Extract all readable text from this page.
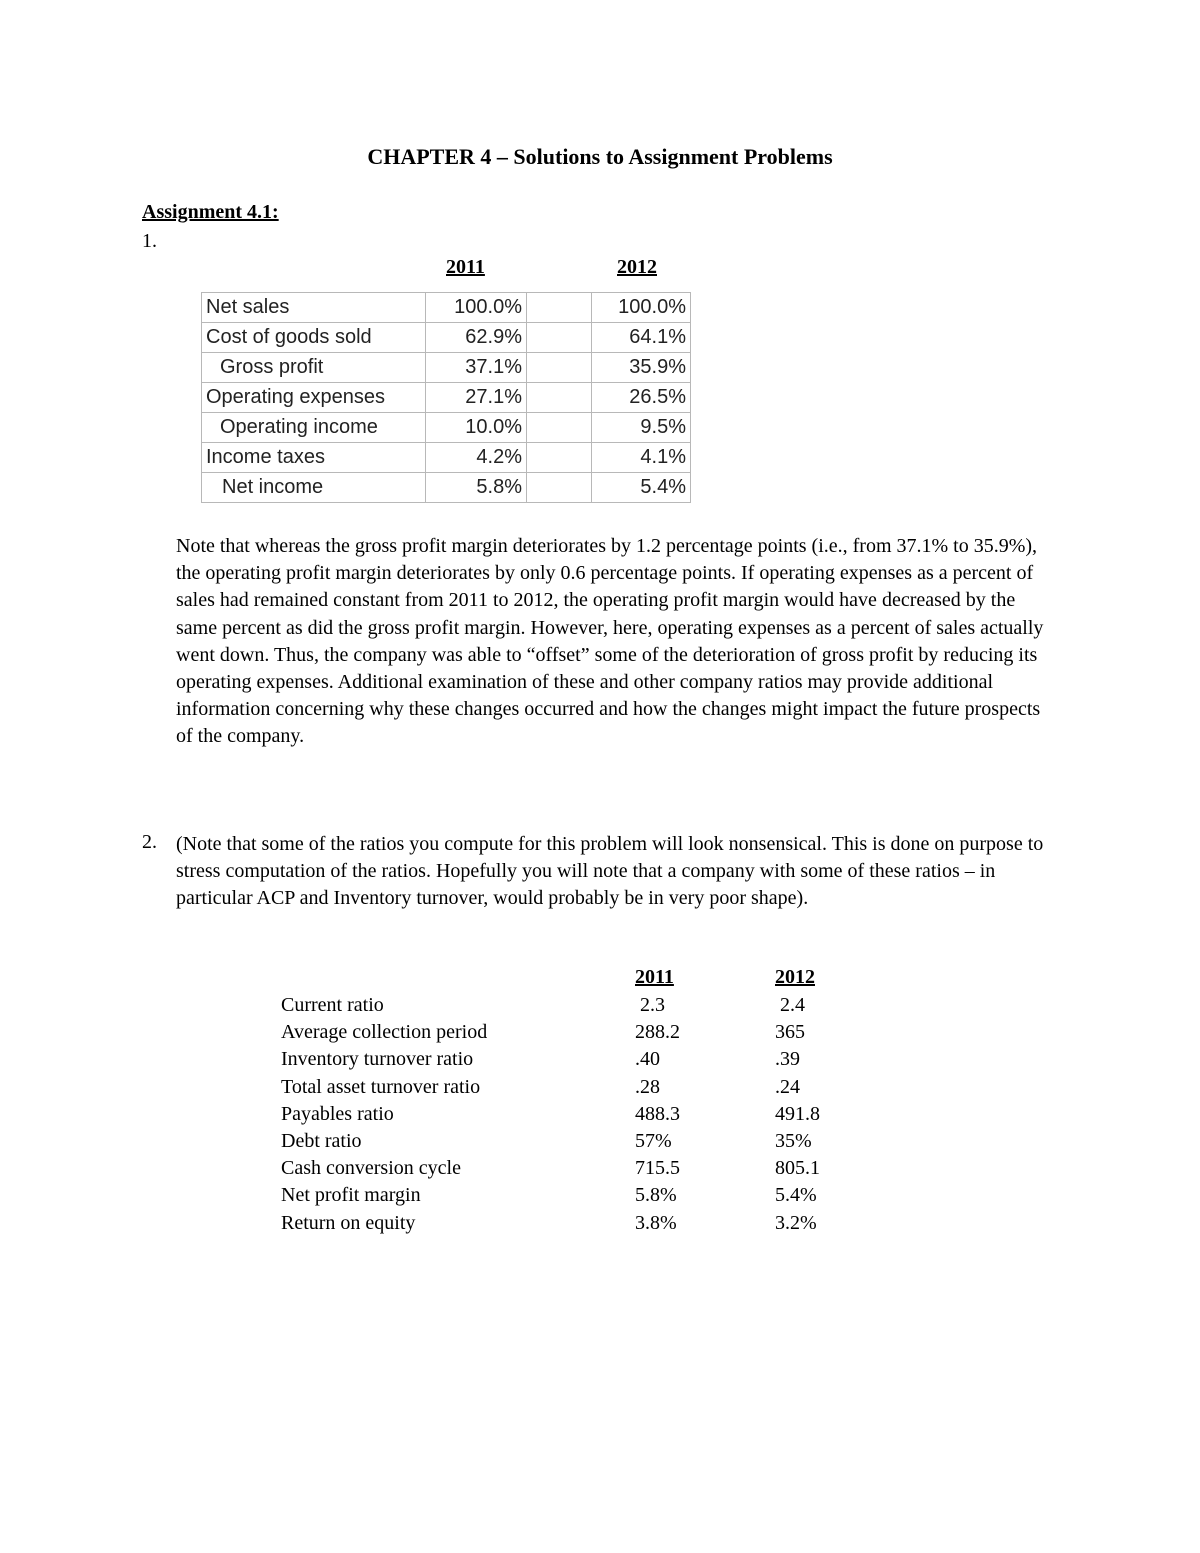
CHAPTER 4 – Solutions to Assignment Problems
Assignment 4.1:
1.
2011	2012
Net sales	100.0%		100.0%
Cost of goods sold	62.9%		64.1%
Gross profit	37.1%		35.9%
Operating expenses	27.1%		26.5%
Operating income	10.0%		9.5%
Income taxes	4.2%		4.1%
Net income	5.8%		5.4%
Note that whereas the gross profit margin deteriorates by 1.2 percentage points (i.e., from 37.1% to 35.9%), the operating profit margin deteriorates by only 0.6 percentage points. If operating expenses as a percent of sales had remained constant from 2011 to 2012, the operating profit margin would have decreased by the same percent as did the gross profit margin. However, here, operating expenses as a percent of sales actually went down. Thus, the company was able to “offset” some of the deterioration of gross profit by reducing its operating expenses. Additional examination of these and other company ratios may provide additional information concerning why these changes occurred and how the changes might impact the future prospects of the company.
2. (Note that some of the ratios you compute for this problem will look nonsensical. This is done on purpose to stress computation of the ratios. Hopefully you will note that a company with some of these ratios – in particular ACP and Inventory turnover, would probably be in very poor shape).
2011	2012
Current ratio	2.3	2.4
Average collection period	288.2	365
Inventory turnover ratio	.40	.39
Total asset turnover ratio	.28	.24
Payables ratio	488.3	491.8
Debt ratio	57%	35%
Cash conversion cycle	715.5	805.1
Net profit margin	5.8%	5.4%
Return on equity	3.8%	3.2%
